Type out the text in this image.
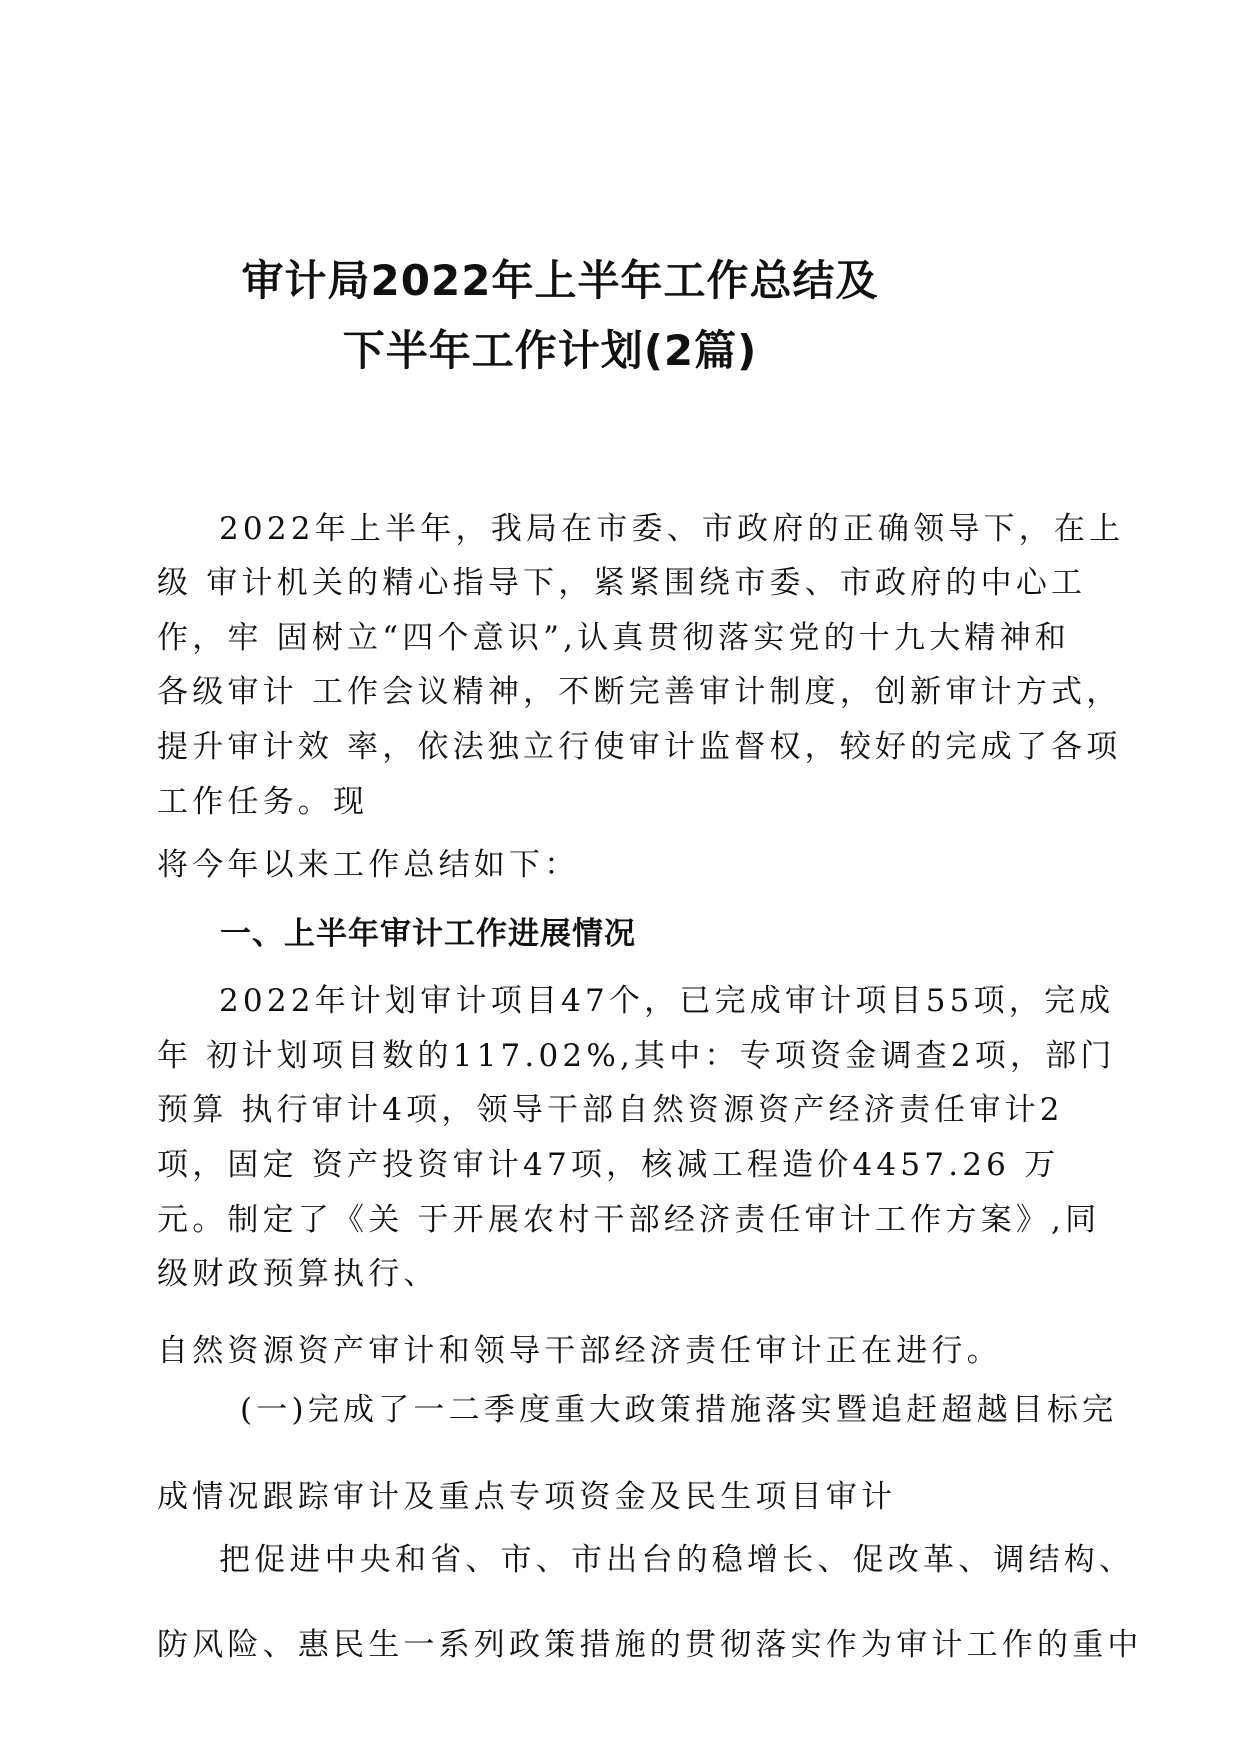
审计局2022年上半年工作总结及
下半年工作计划(2篇)
2022年上半年，我局在市委、市政府的正确领导下，在上
级 审计机关的精心指导下，紧紧围绕市委、市政府的中心工
作，牢 固树立“四个意识”,认真贯彻落实党的十九大精神和
各级审计 工作会议精神，不断完善审计制度，创新审计方式，
提升审计效 率，依法独立行使审计监督权，较好的完成了各项
工作任务。现
将今年以来工作总结如下：
一、上半年审计工作进展情况
2022年计划审计项目47个，已完成审计项目55项，完成
年 初计划项目数的117.02%,其中：专项资金调查2项，部门
预算 执行审计4项，领导干部自然资源资产经济责任审计2
项，固定 资产投资审计47项，核减工程造价4457.26 万
元。制定了《关 于开展农村干部经济责任审计工作方案》,同
级财政预算执行、
自然资源资产审计和领导干部经济责任审计正在进行。
(一)完成了一二季度重大政策措施落实暨追赶超越目标完
成情况跟踪审计及重点专项资金及民生项目审计
把促进中央和省、市、市出台的稳增长、促改革、调结构、
防风险、惠民生一系列政策措施的贯彻落实作为审计工作的重中
